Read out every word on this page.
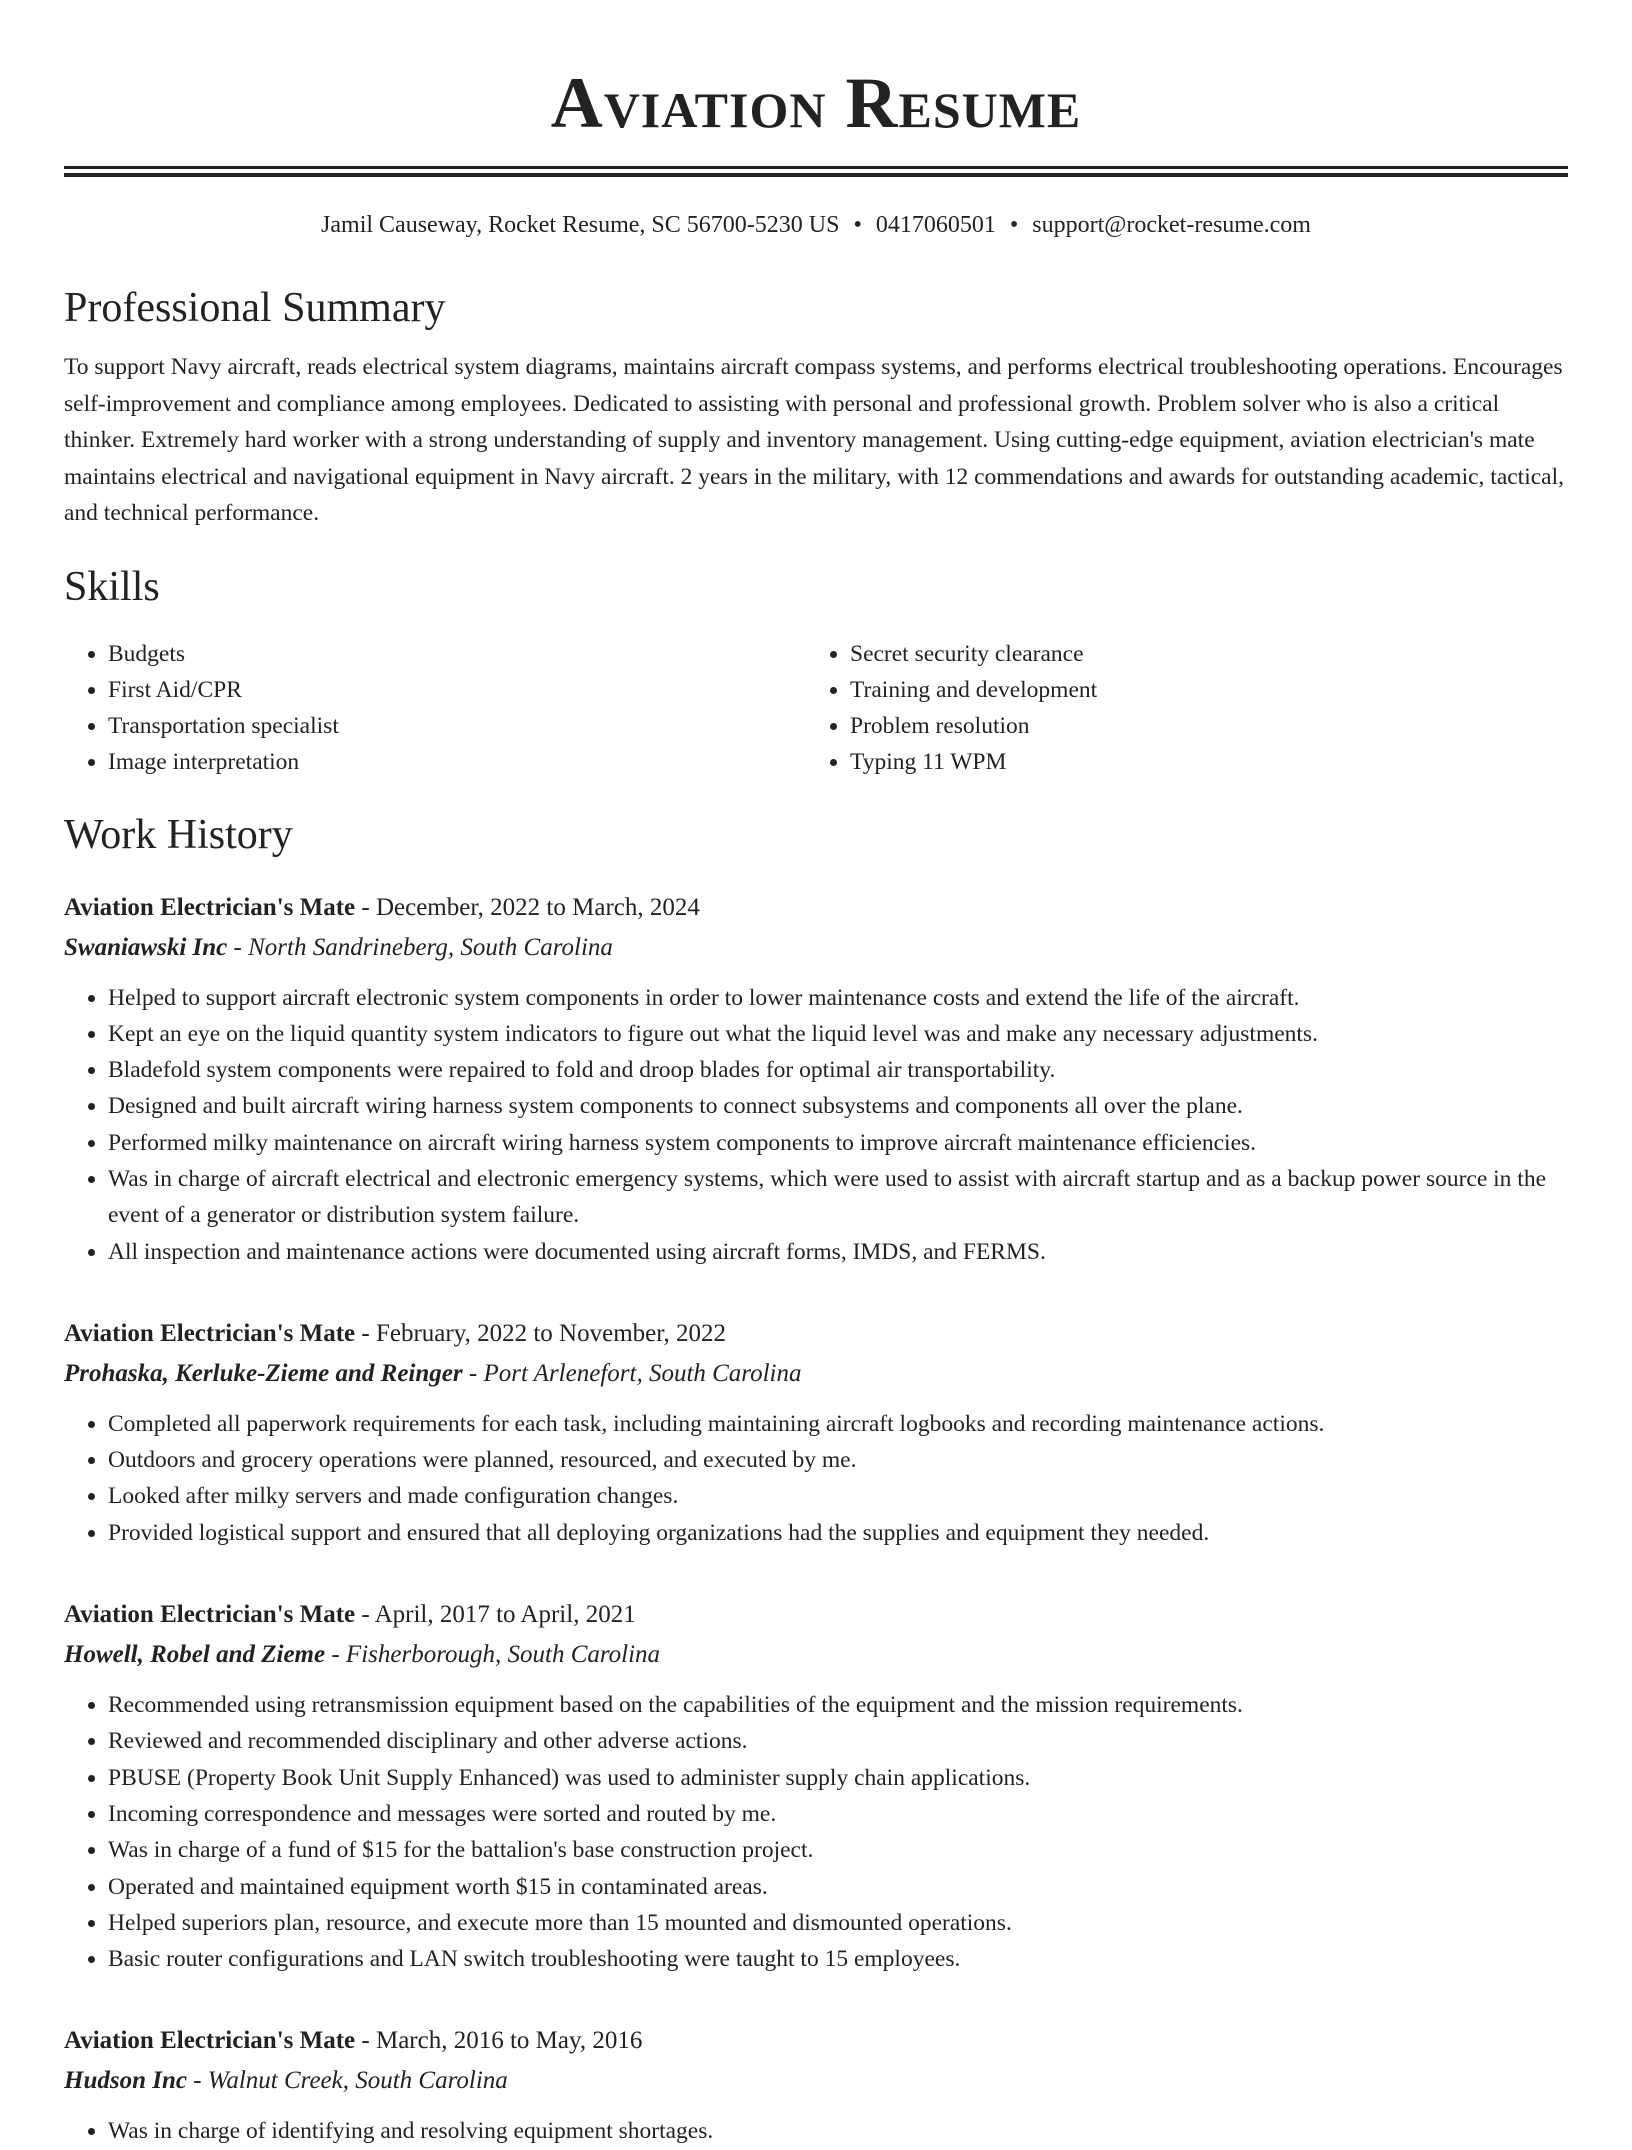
Aviation Resume
Jamil Causeway, Rocket Resume, SC 56700-5230 US • 0417060501 • support@rocket-resume.com
Professional Summary
To support Navy aircraft, reads electrical system diagrams, maintains aircraft compass systems, and performs electrical troubleshooting operations. Encourages self-improvement and compliance among employees. Dedicated to assisting with personal and professional growth. Problem solver who is also a critical thinker. Extremely hard worker with a strong understanding of supply and inventory management. Using cutting-edge equipment, aviation electrician's mate maintains electrical and navigational equipment in Navy aircraft. 2 years in the military, with 12 commendations and awards for outstanding academic, tactical, and technical performance.
Skills
• Budgets
• First Aid/CPR
• Transportation specialist
• Image interpretation
• Secret security clearance
• Training and development
• Problem resolution
• Typing 11 WPM
Work History
Aviation Electrician's Mate - December, 2022 to March, 2024
Swaniawski Inc - North Sandrineberg, South Carolina
• Helped to support aircraft electronic system components in order to lower maintenance costs and extend the life of the aircraft.
• Kept an eye on the liquid quantity system indicators to figure out what the liquid level was and make any necessary adjustments.
• Bladefold system components were repaired to fold and droop blades for optimal air transportability.
• Designed and built aircraft wiring harness system components to connect subsystems and components all over the plane.
• Performed milky maintenance on aircraft wiring harness system components to improve aircraft maintenance efficiencies.
• Was in charge of aircraft electrical and electronic emergency systems, which were used to assist with aircraft startup and as a backup power source in the event of a generator or distribution system failure.
• All inspection and maintenance actions were documented using aircraft forms, IMDS, and FERMS.
Aviation Electrician's Mate - February, 2022 to November, 2022
Prohaska, Kerluke-Zieme and Reinger - Port Arlenefort, South Carolina
• Completed all paperwork requirements for each task, including maintaining aircraft logbooks and recording maintenance actions.
• Outdoors and grocery operations were planned, resourced, and executed by me.
• Looked after milky servers and made configuration changes.
• Provided logistical support and ensured that all deploying organizations had the supplies and equipment they needed.
Aviation Electrician's Mate - April, 2017 to April, 2021
Howell, Robel and Zieme - Fisherborough, South Carolina
• Recommended using retransmission equipment based on the capabilities of the equipment and the mission requirements.
• Reviewed and recommended disciplinary and other adverse actions.
• PBUSE (Property Book Unit Supply Enhanced) was used to administer supply chain applications.
• Incoming correspondence and messages were sorted and routed by me.
• Was in charge of a fund of $15 for the battalion's base construction project.
• Operated and maintained equipment worth $15 in contaminated areas.
• Helped superiors plan, resource, and execute more than 15 mounted and dismounted operations.
• Basic router configurations and LAN switch troubleshooting were taught to 15 employees.
Aviation Electrician's Mate - March, 2016 to May, 2016
Hudson Inc - Walnut Creek, South Carolina
• Was in charge of identifying and resolving equipment shortages.
